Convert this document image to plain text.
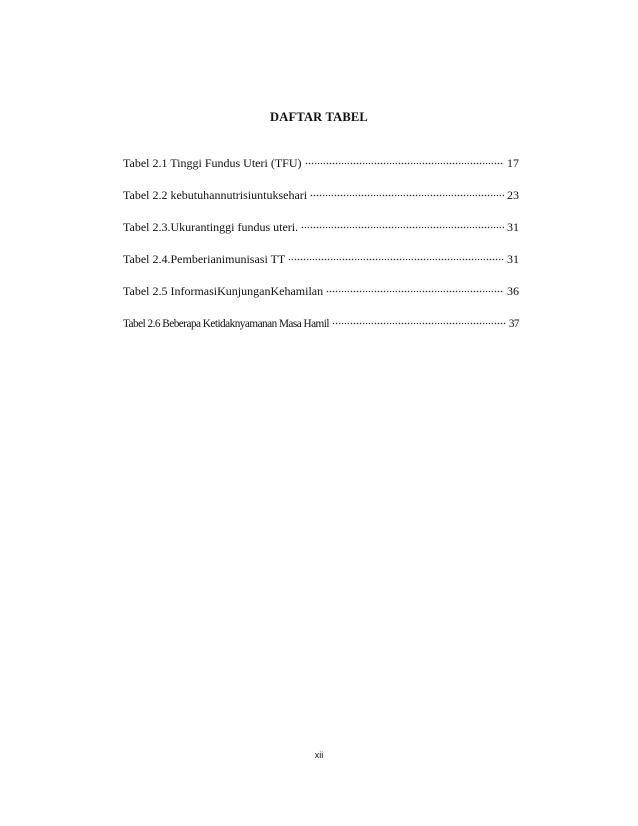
DAFTAR TABEL
Tabel 2.1 Tinggi Fundus Uteri (TFU)	17
Tabel 2.2 kebutuhannutrisiuntuksehari	23
Tabel 2.3.Ukurantinggi fundus uteri.	31
Tabel 2.4.Pemberianimunisasi TT	31
Tabel 2.5 InformasiKunjunganKehamilan	36
Tabel 2.6 Beberapa Ketidaknyamanan Masa Hamil	37
xii
